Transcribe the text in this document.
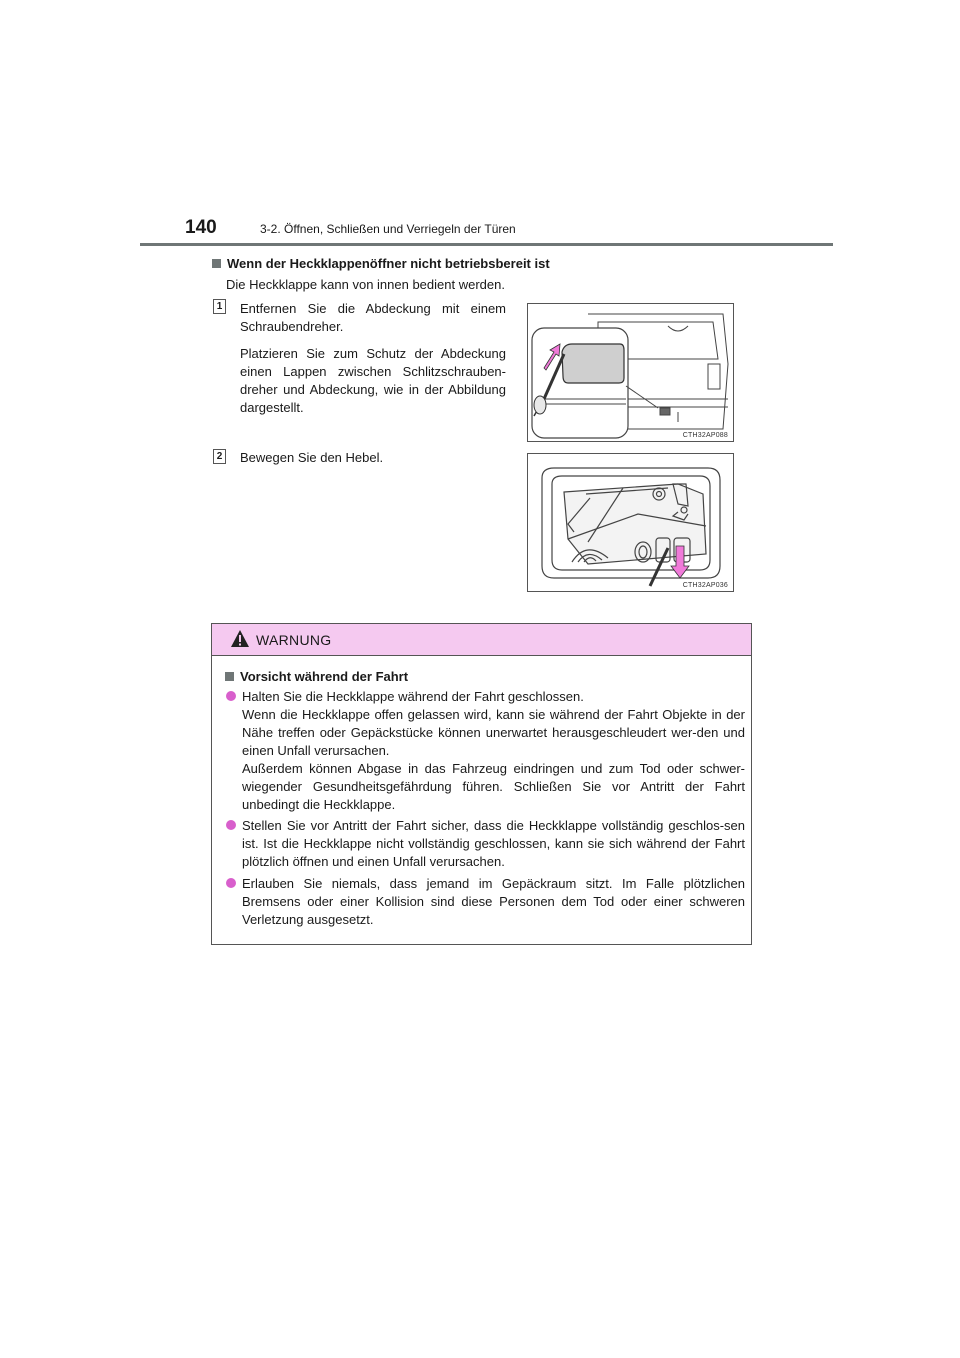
140	3-2. Öffnen, Schließen und Verriegeln der Türen
Wenn der Heckklappenöffner nicht betriebsbereit ist
Die Heckklappe kann von innen bedient werden.
1 Entfernen Sie die Abdeckung mit einem Schraubendreher.

Platzieren Sie zum Schutz der Abdeckung einen Lappen zwischen Schlitzschrauben-dreher und Abdeckung, wie in der Abbildung dargestellt.

CTH32AP088
2 Bewegen Sie den Hebel.

CTH32AP036
WARNUNG
Vorsicht während der Fahrt

Halten Sie die Heckklappe während der Fahrt geschlossen.

Wenn die Heckklappe offen gelassen wird, kann sie während der Fahrt Objekte in der Nähe treffen oder Gepäckstücke können unerwartet herausgeschleudert wer-den und einen Unfall verursachen.

Außerdem können Abgase in das Fahrzeug eindringen und zum Tod oder schwer-wiegender Gesundheitsgefährdung führen. Schließen Sie vor Antritt der Fahrt unbedingt die Heckklappe.

Stellen Sie vor Antritt der Fahrt sicher, dass die Heckklappe vollständig geschlos-sen ist. Ist die Heckklappe nicht vollständig geschlossen, kann sie sich während der Fahrt plötzlich öffnen und einen Unfall verursachen.

Erlauben Sie niemals, dass jemand im Gepäckraum sitzt. Im Falle plötzlichen Bremsens oder einer Kollision sind diese Personen dem Tod oder einer schweren Verletzung ausgesetzt.
